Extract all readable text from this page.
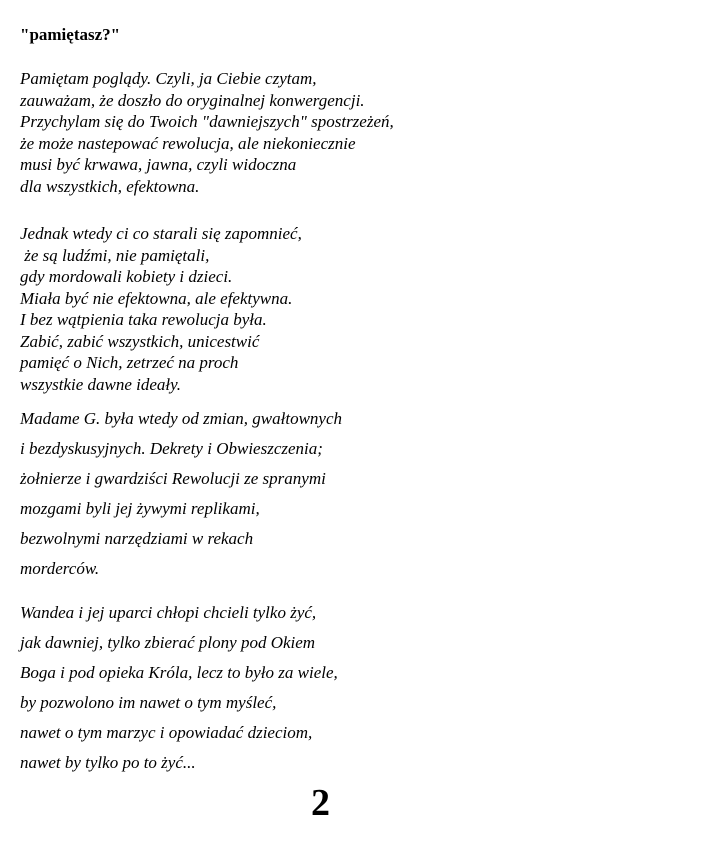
"pamiętasz?"
Pamiętam poglądy. Czyli, ja Ciebie czytam,
zauważam, że doszło do oryginalnej konwergencji.
Przychylam się do Twoich "dawniejszych" spostrzeżeń,
że może nastepować rewolucja, ale niekoniecznie
musi być krwawa, jawna, czyli widoczna
dla wszystkich, efektowna.
Jednak wtedy ci co starali się zapomnieć,
że są ludźmi, nie pamiętali,
gdy mordowali kobiety i dzieci.
Miała być nie efektowna, ale efektywna.
I bez wątpienia taka rewolucja była.
Zabić, zabić wszystkich, unicestwić
pamięć o Nich, zetrzeć na proch
wszystkie dawne ideały.
Madame G. była wtedy od zmian, gwałtownych
i bezdyskusyjnych. Dekrety i Obwieszczenia;
żołnierze i gwardziści Rewolucji ze spranymi
mozgami byli jej żywymi replikami,
bezwolnymi narzędziami w rekach
morderców.
Wandea i jej uparci chłopi chcieli tylko żyć,
jak dawniej, tylko zbierać plony pod Okiem
Boga i pod opieka Króla, lecz to było za wiele,
by pozwolono im nawet o tym myśleć,
nawet o tym marzyc i opowiadać dzieciom,
nawet by tylko po to żyć...
2
